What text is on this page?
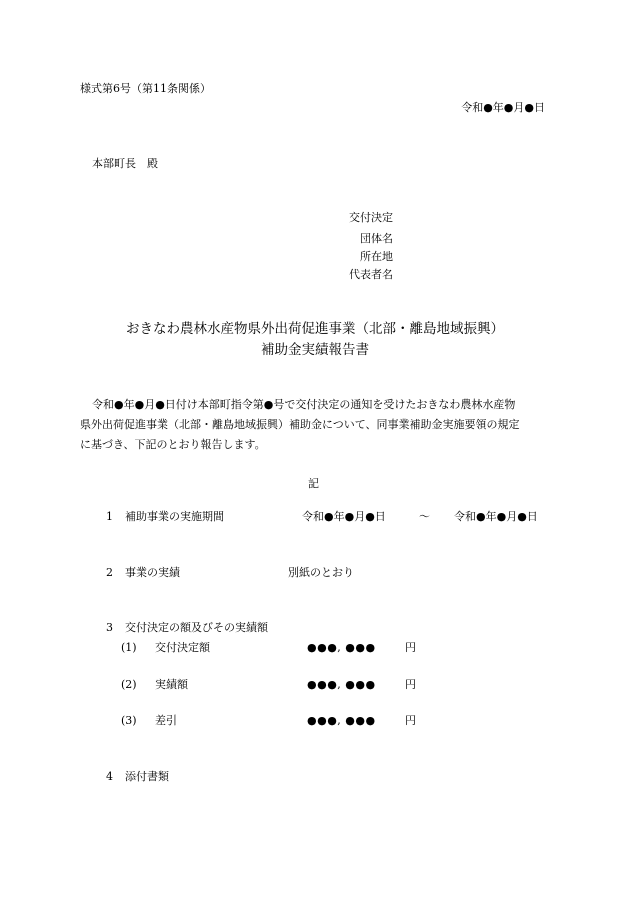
様式第6号（第11条関係）
令和●年●月●日
本部町長　殿
交付決定
団体名
所在地
代表者名
おきなわ農林水産物県外出荷促進事業（北部・離島地域振興）
補助金実績報告書
令和●年●月●日付け本部町指令第●号で交付決定の通知を受けたおきなわ農林水産物
県外出荷促進事業（北部・離島地域振興）補助金について、同事業補助金実施要領の規定
に基づき、下記のとおり報告します。
記
1 補助事業の実施期間	令和●年●月●日	～ 令和●年●月●日
2 事業の実績	別紙のとおり
3 交付決定の額及びその実績額
(1) 交付決定額	●●●, ●●●	円
(2) 実績額	●●●, ●●●	円
(3) 差引	●●●, ●●●	円
4 添付書類
